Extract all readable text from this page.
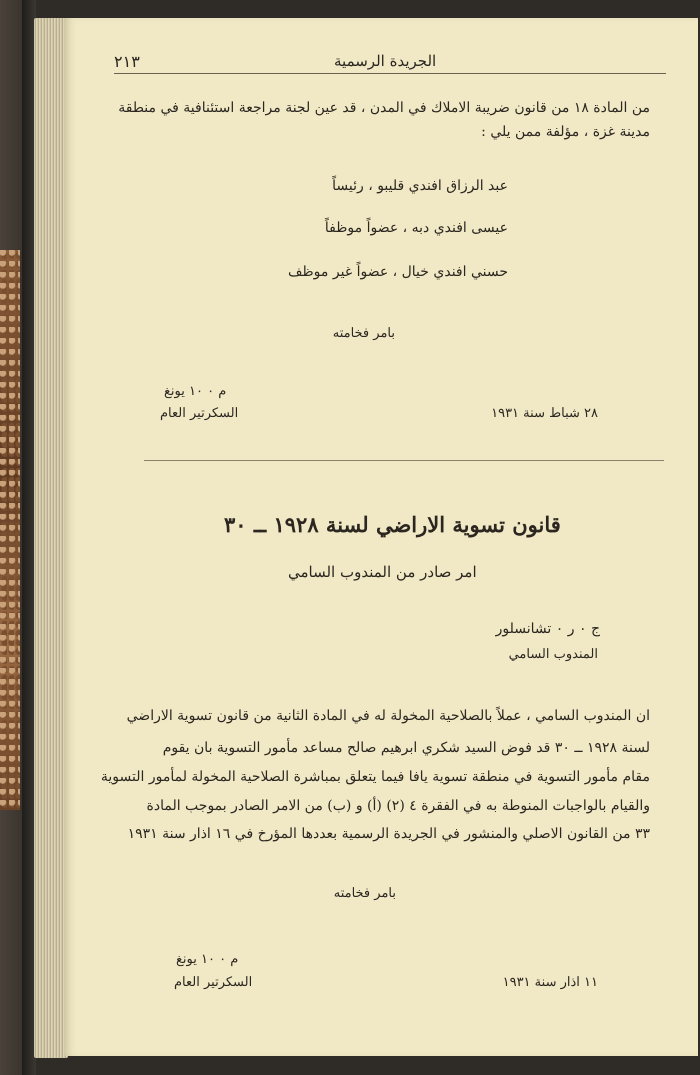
٢١٣	الجريدة الرسمية
من المادة ١٨ من قانون ضريبة الاملاك في المدن ، قد عين لجنة مراجعة استئنافية في منطقة
مدينة غزة ، مؤلفة ممن يلي :
عبد الرزاق افندي قليبو ، رئيساً
عيسى افندي دبه ، عضواً موظفاً
حسني افندي خيال ، عضواً غير موظف
بامر فخامته
م ٠ ١٠ يونغ
السكرتير العام	٢٨ شباط سنة ١٩٣١
قانون تسوية الاراضي لسنة ١٩٢٨ ــ ٣٠
امر صادر من المندوب السامي
ج ٠ ر ٠ تشانسلور
المندوب السامي
ان المندوب السامي ، عملاً بالصلاحية المخولة له في المادة الثانية من قانون تسوية الاراضي
لسنة ١٩٢٨ ــ ٣٠ قد فوض السيد شكري ابرهيم صالح مساعد مأمور التسوية بان يقوم
مقام مأمور التسوية في منطقة تسوية يافا فيما يتعلق بمباشرة الصلاحية المخولة لمأمور التسوية
والقيام بالواجبات المنوطة به في الفقرة ٤ (٢) (أ) و (ب) من الامر الصادر بموجب المادة
٣٣ من القانون الاصلي والمنشور في الجريدة الرسمية بعددها المؤرخ في ١٦ اذار سنة ١٩٣١
بامر فخامته
م ٠ ١٠ يونغ
السكرتير العام	١١ اذار سنة ١٩٣١
